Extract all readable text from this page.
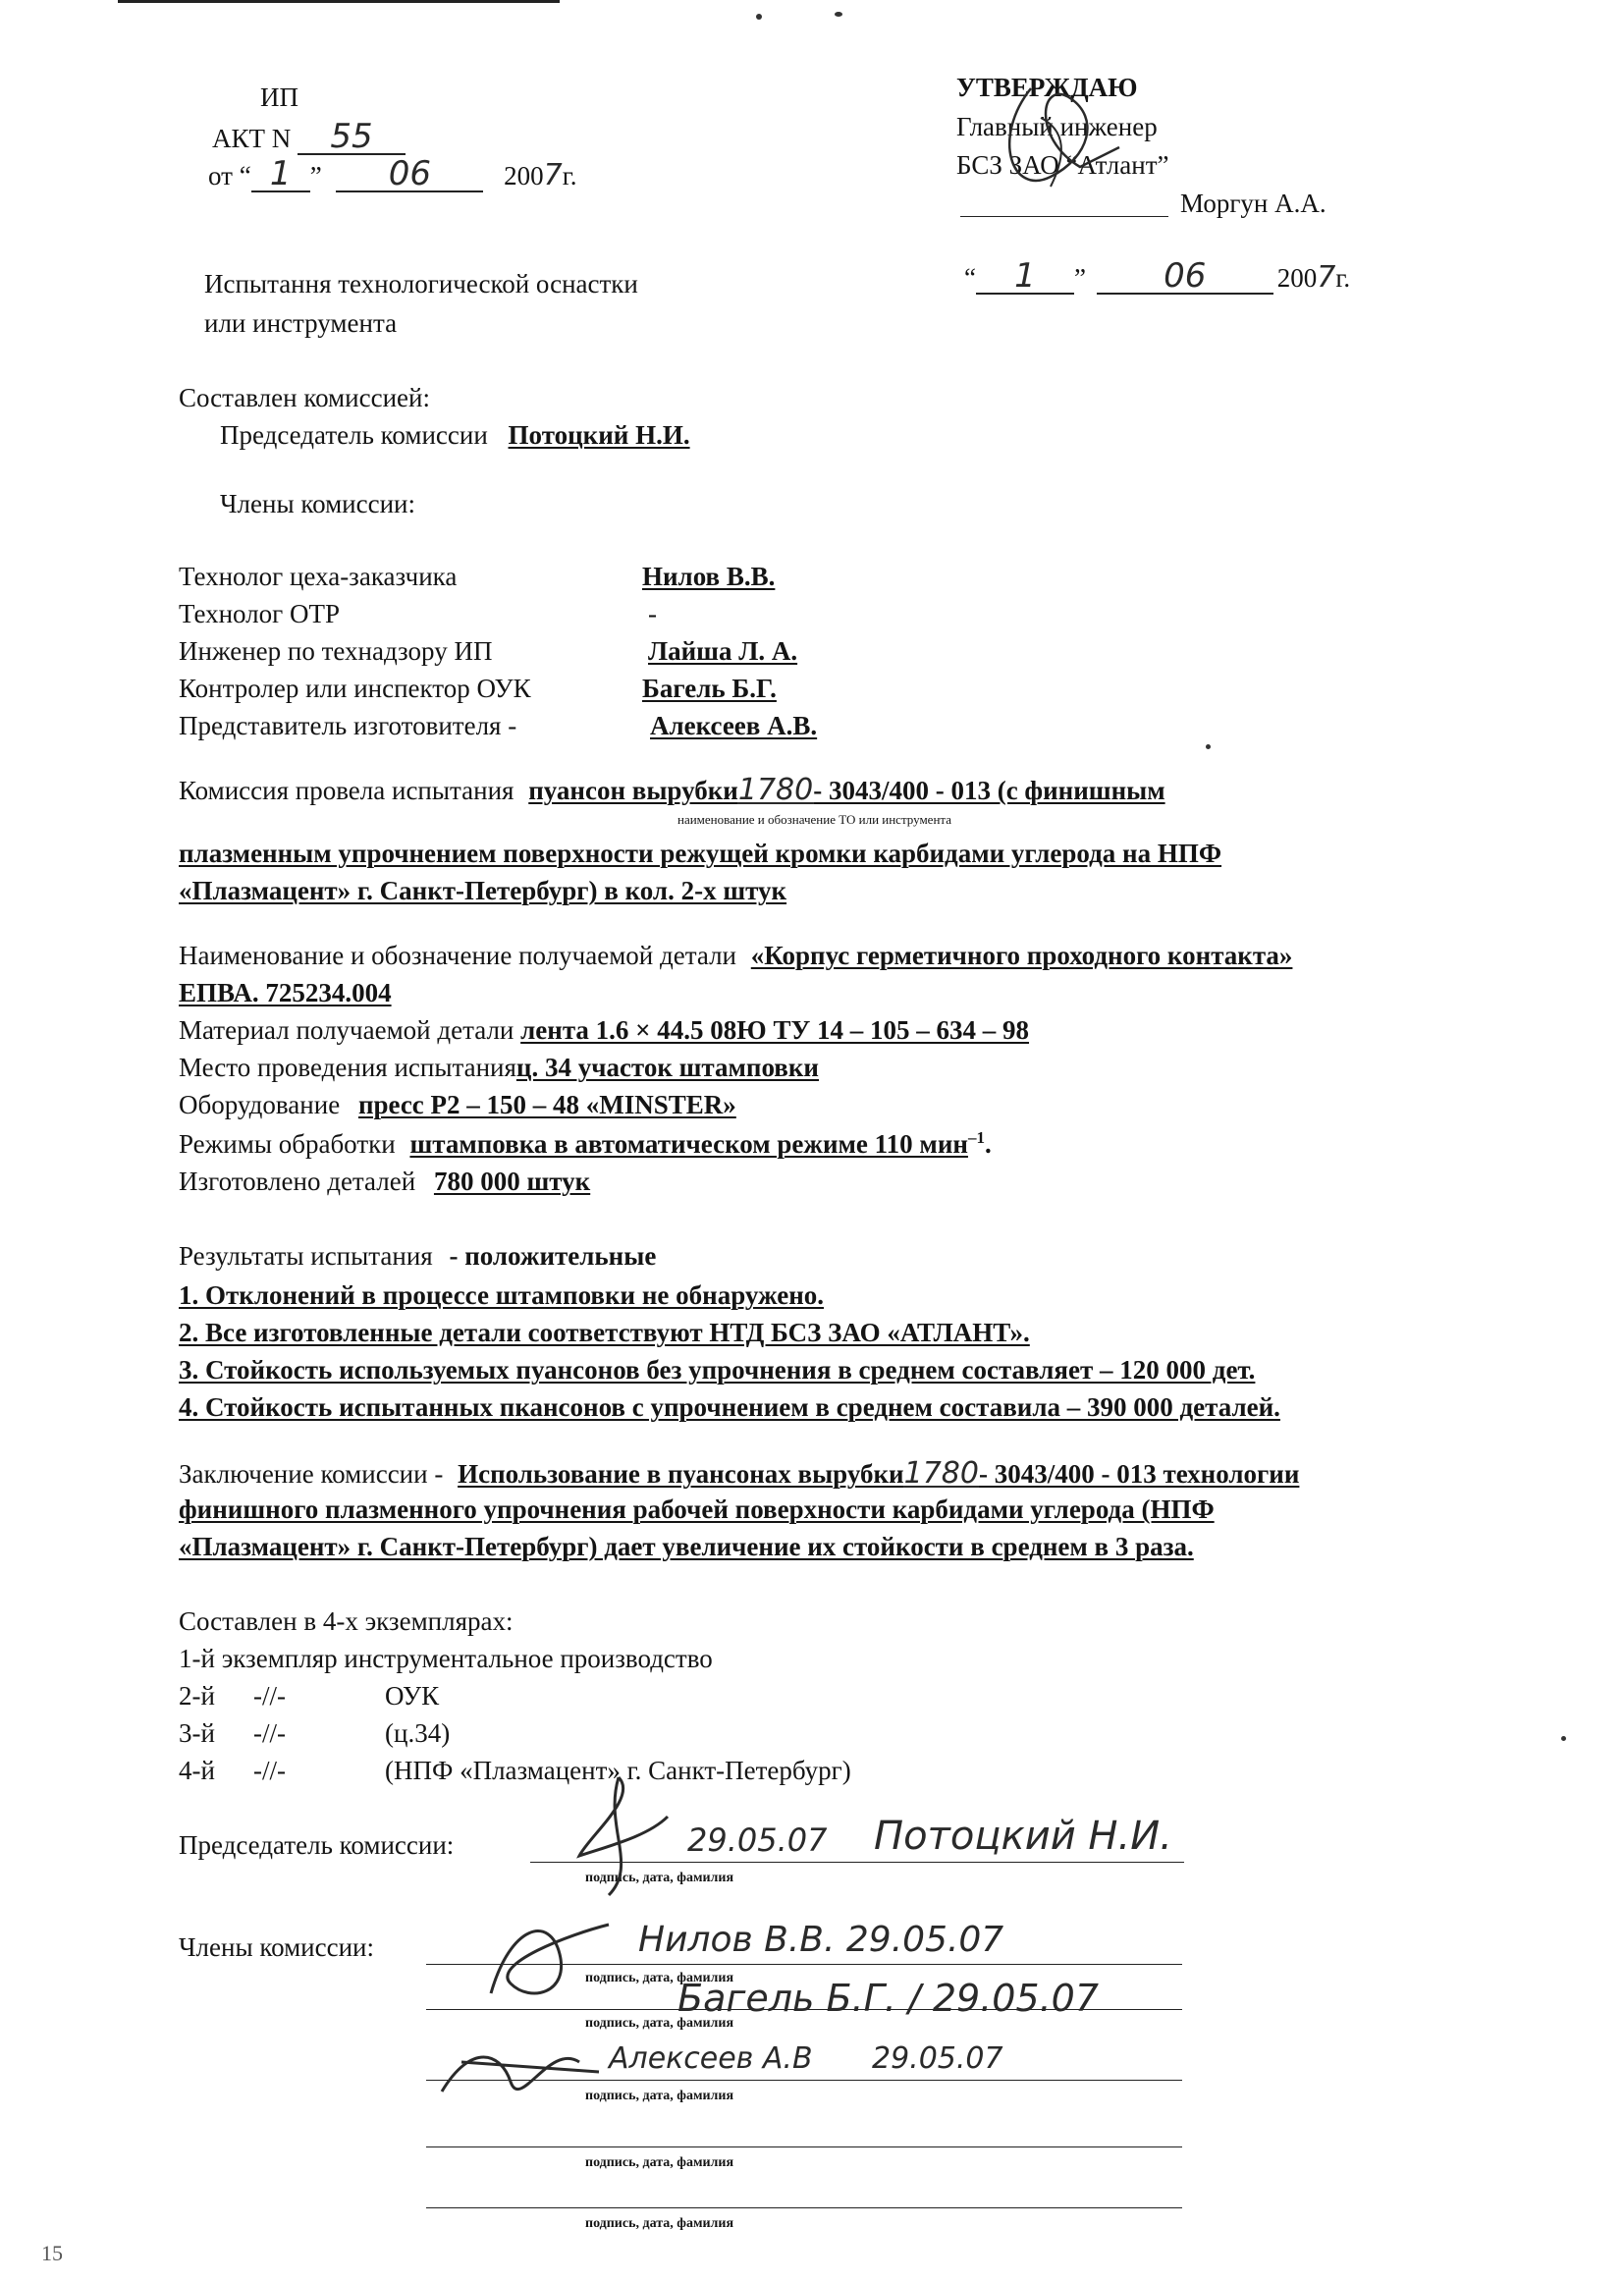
ИП
АКТ N 55
от “ 1 ” 06	2007г.
УТВЕРЖДАЮ
Главный инженер
БСЗ ЗАО “Атлант”
Моргун А.А.
“ 1 ” 06	2007г.
Испытання технологической оснастки
или инструмента
Составлен комиссией:
Председатель комиссии Потоцкий Н.И.
Члены комиссии:
Технолог цеха-заказчика	Нилов В.В.
Технолог ОТР	-
Инженер по технадзору ИП	Лайша Л. А.
Контролер или инспектор ОУК	Багель Б.Г.
Представитель изготовителя -	Алексеев А.В.
Комиссия провела испытания пуансон вырубки1780- 3043/400 - 013 (с финишным
наименование и обозначение ТО или инструмента
плазменным упрочнением поверхности режущей кромки карбидами углерода на НПФ
«Плазмацент» г. Санкт-Петербург) в кол. 2-х штук
Наименование и обозначение получаемой детали «Корпус герметичного проходного контакта»
ЕПВА. 725234.004
Материал получаемой детали лента 1.6 × 44.5 08Ю ТУ 14 – 105 – 634 – 98
Место проведения испытанияц. 34 участок штамповки
Оборудование пресс Р2 – 150 – 48 «MINSTER»
Режимы обработки штамповка в автоматическом режиме 110 мин$^{-1}$.
Изготовлено деталей 780 000 штук
Результаты испытания - положительные
1. Отклонений в процессе штамповки не обнаружено.
2. Все изготовленные детали соответствуют НТД БСЗ ЗАО «АТЛАНТ».
3. Стойкость используемых пуансонов без упрочнения в среднем составляет – 120 000 дет.
4. Стойкость испытанных пкансонов с упрочнением в среднем составила – 390 000 деталей.
Заключение комиссии - Использование в пуансонах вырубки1780- 3043/400 - 013 технологии
финишного плазменного упрочнения рабочей поверхности карбидами углерода (НПФ
«Плазмацент» г. Санкт-Петербург) дает увеличение их стойкости в среднем в 3 раза.
Составлен в 4-х экземплярах:
1-й экземпляр инструментальное производство
2-й -//-	ОУК
3-й -//-	(ц.34)
4-й -//-	(НПФ «Плазмацент» г. Санкт-Петербург)
Председатель комиссии:
подпись, дата, фамилия
29.05.07 Потоцкий Н.И.
Члены комиссии:
подпись, дата, фамилия
Нилов В.В. 29.05.07
подпись, дата, фамилия
Багель Б.Г. / 29.05.07
подпись, дата, фамилия
Алексеев А.В 29.05.07
подпись, дата, фамилия
подпись, дата, фамилия
15
